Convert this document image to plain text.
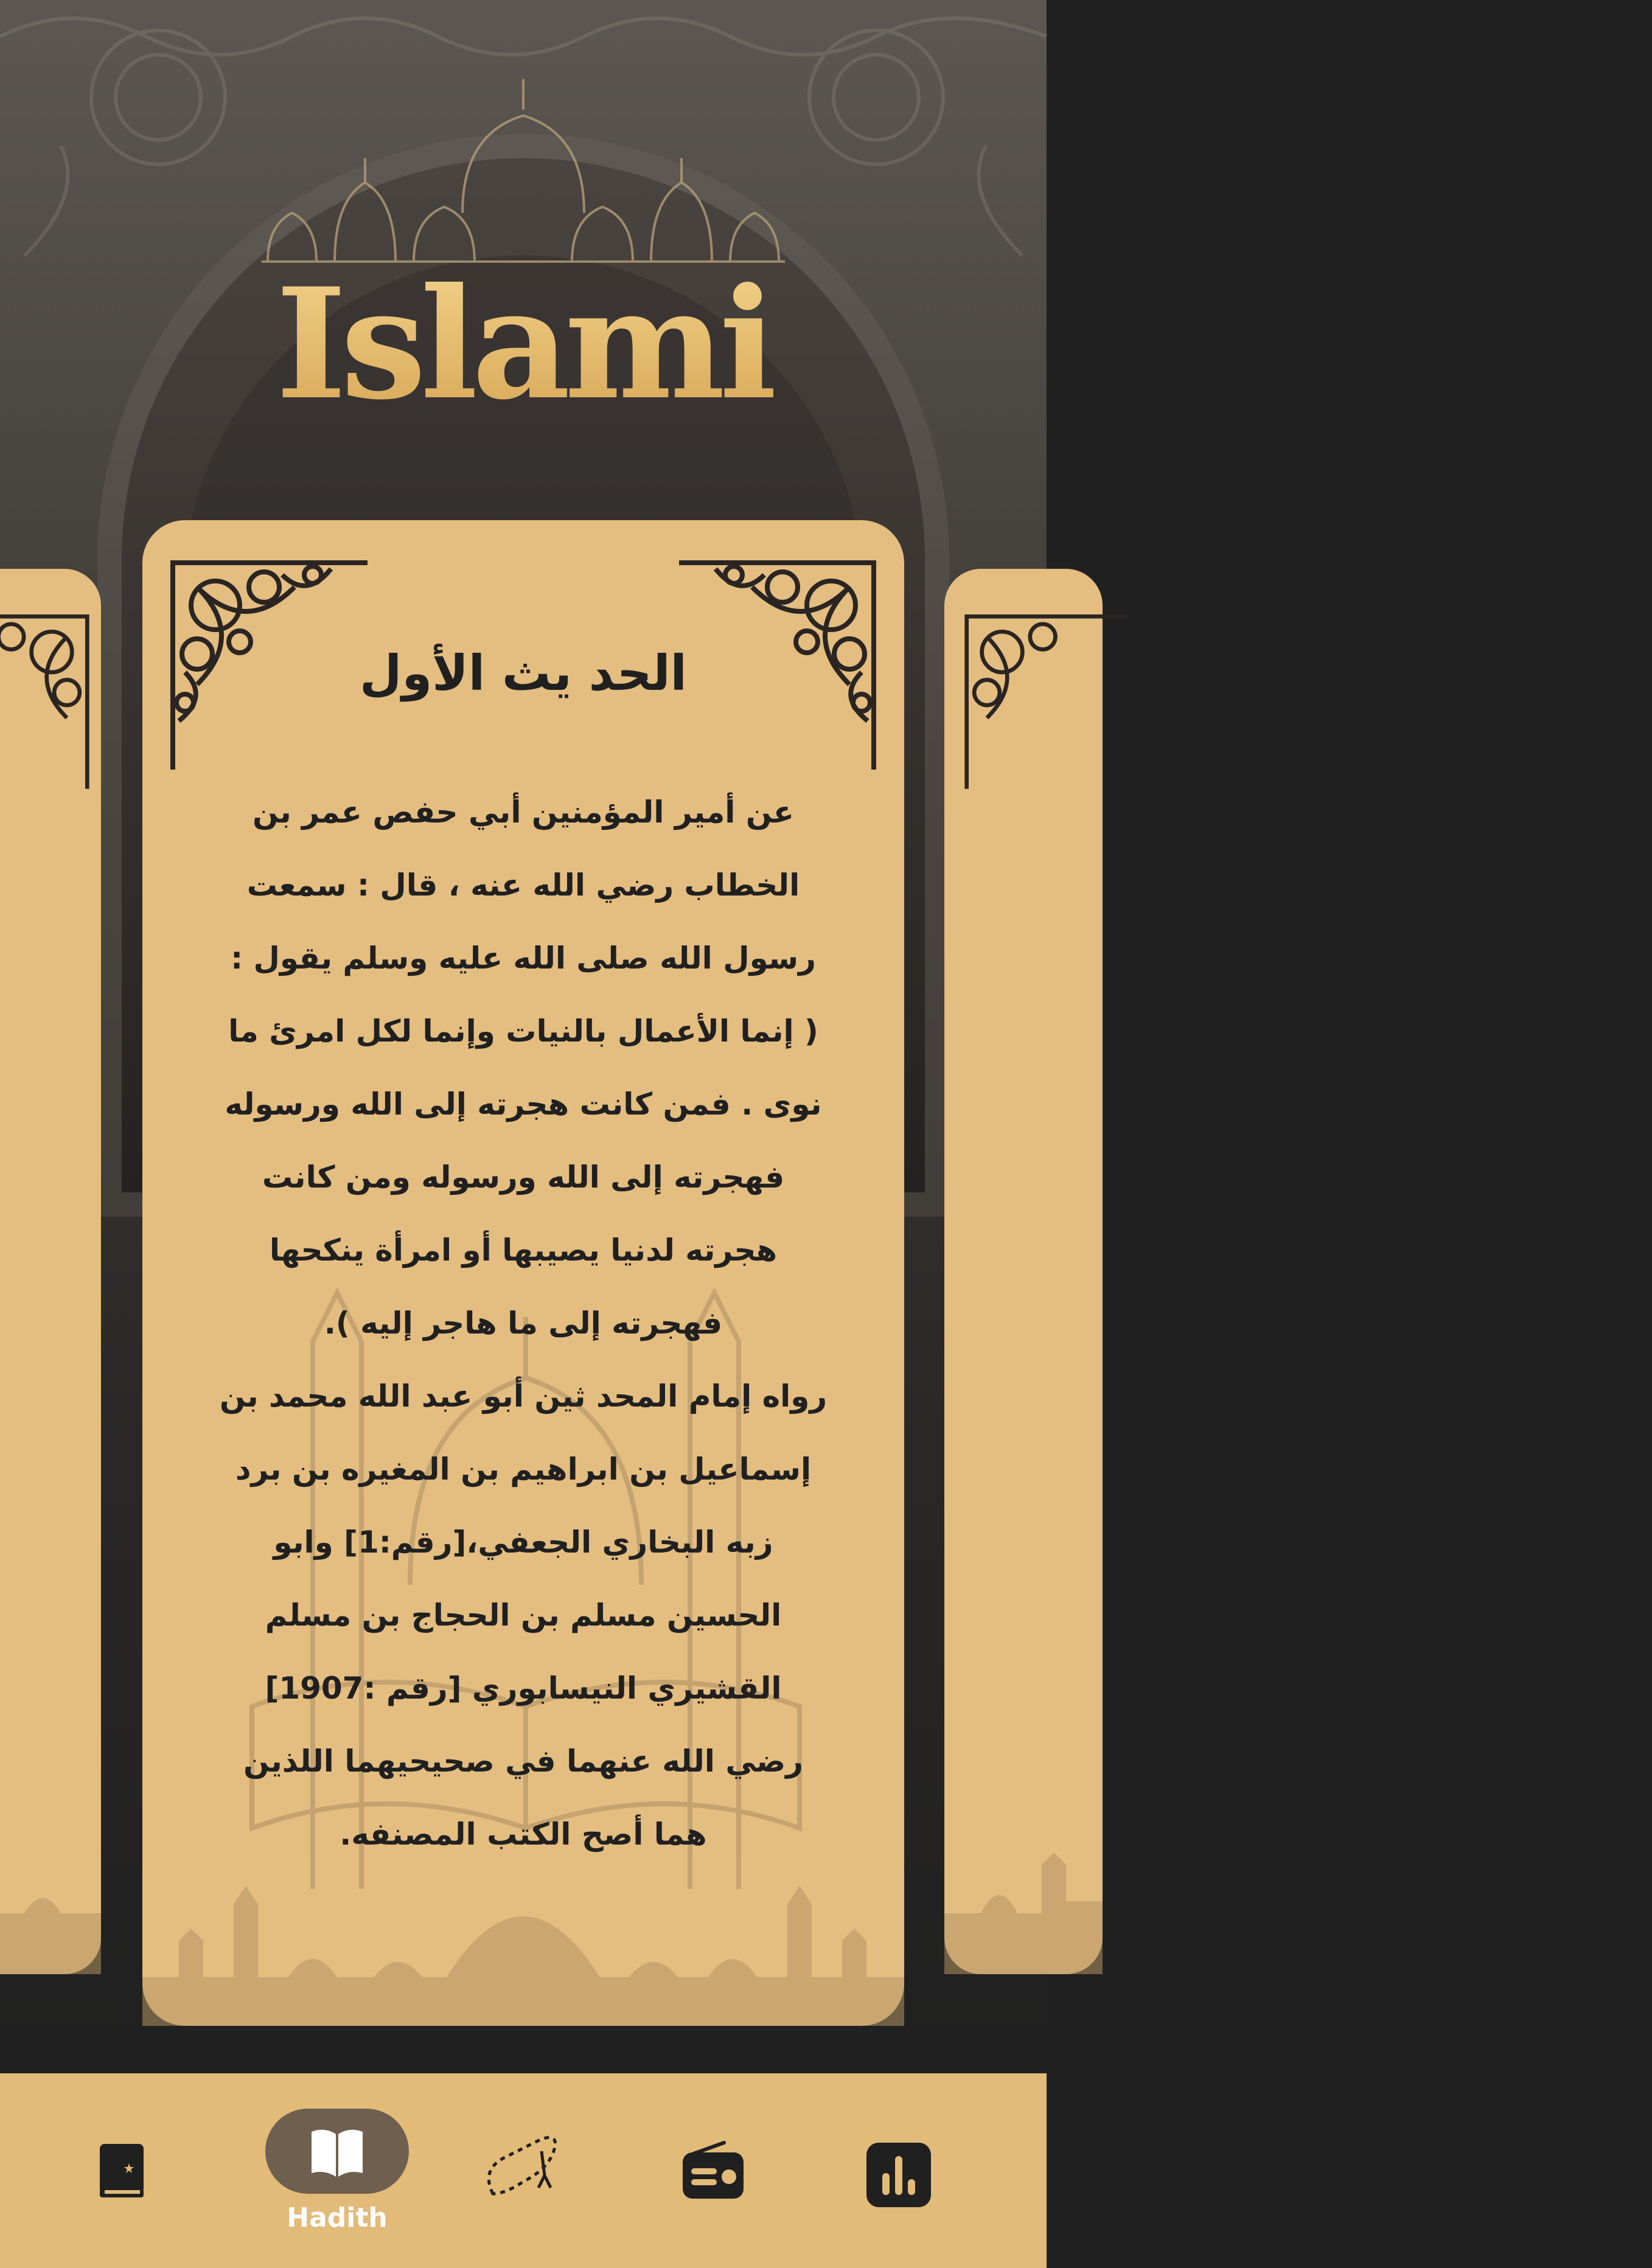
Islami
بن
عت
ول :
ئ ما
سوله
ت
ها

د بن
برد

لم
1]
ين
الحد يث الأول
عن أمير المؤمنين أبي حفص عمر بن
الخطاب رضي الله عنه ، قال : سمعت
رسول الله صلى الله عليه وسلم يقول :
( إنما الأعمال بالنيات وإنما لكل امرئ ما
نوى . فمن كانت هجرته إلى الله ورسوله
فهجرته إلى الله ورسوله ومن كانت
هجرته لدنيا يصيبها أو امرأة ينكحها
فهجرته إلى ما هاجر إليه ).
رواه إمام المحد ثين أبو عبد الله محمد بن
إسماعيل بن ابراهيم بن المغيره بن برد
زبه البخاري الجعفي،[رقم:1] وابو
الحسين مسلم بن الحجاج بن مسلم
القشيري النيسابوري [رقم :1907]
رضي الله عنهما في صحيحيهما اللذين
هما أصح الكتب المصنفه.
Hadith
